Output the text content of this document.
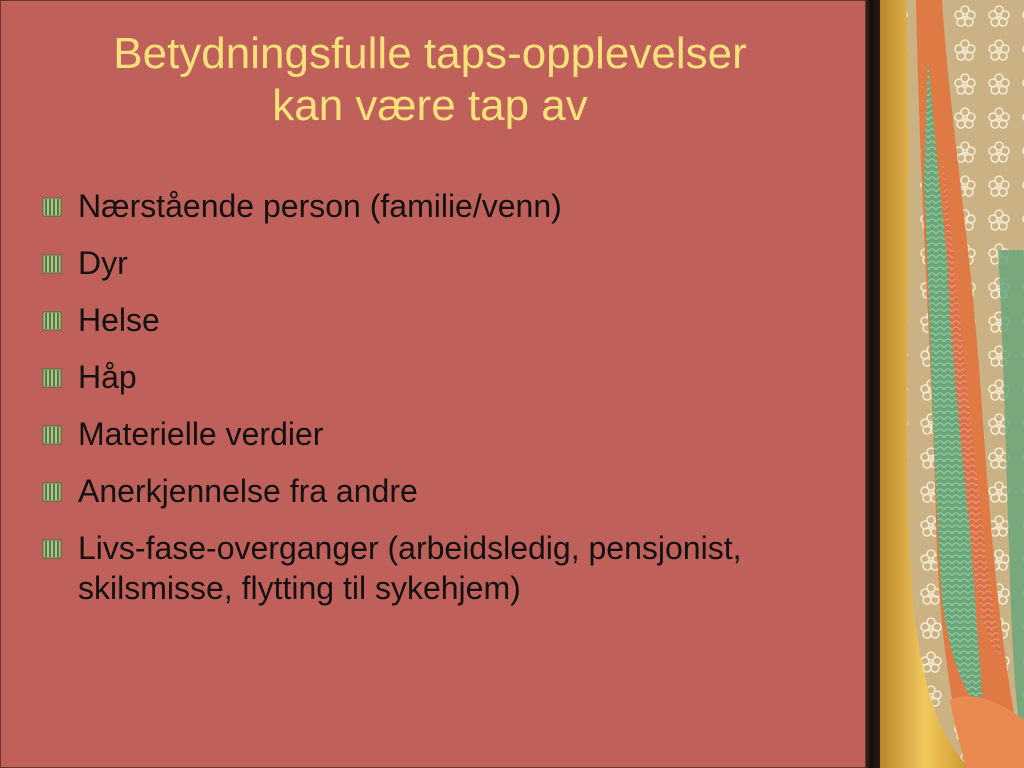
Betydningsfulle taps-opplevelser
kan være tap av
Nærstående person (familie/venn)
Dyr
Helse
Håp
Materielle verdier
Anerkjennelse fra andre
Livs-fase-overganger (arbeidsledig, pensjonist, skilsmisse, flytting til sykehjem)
